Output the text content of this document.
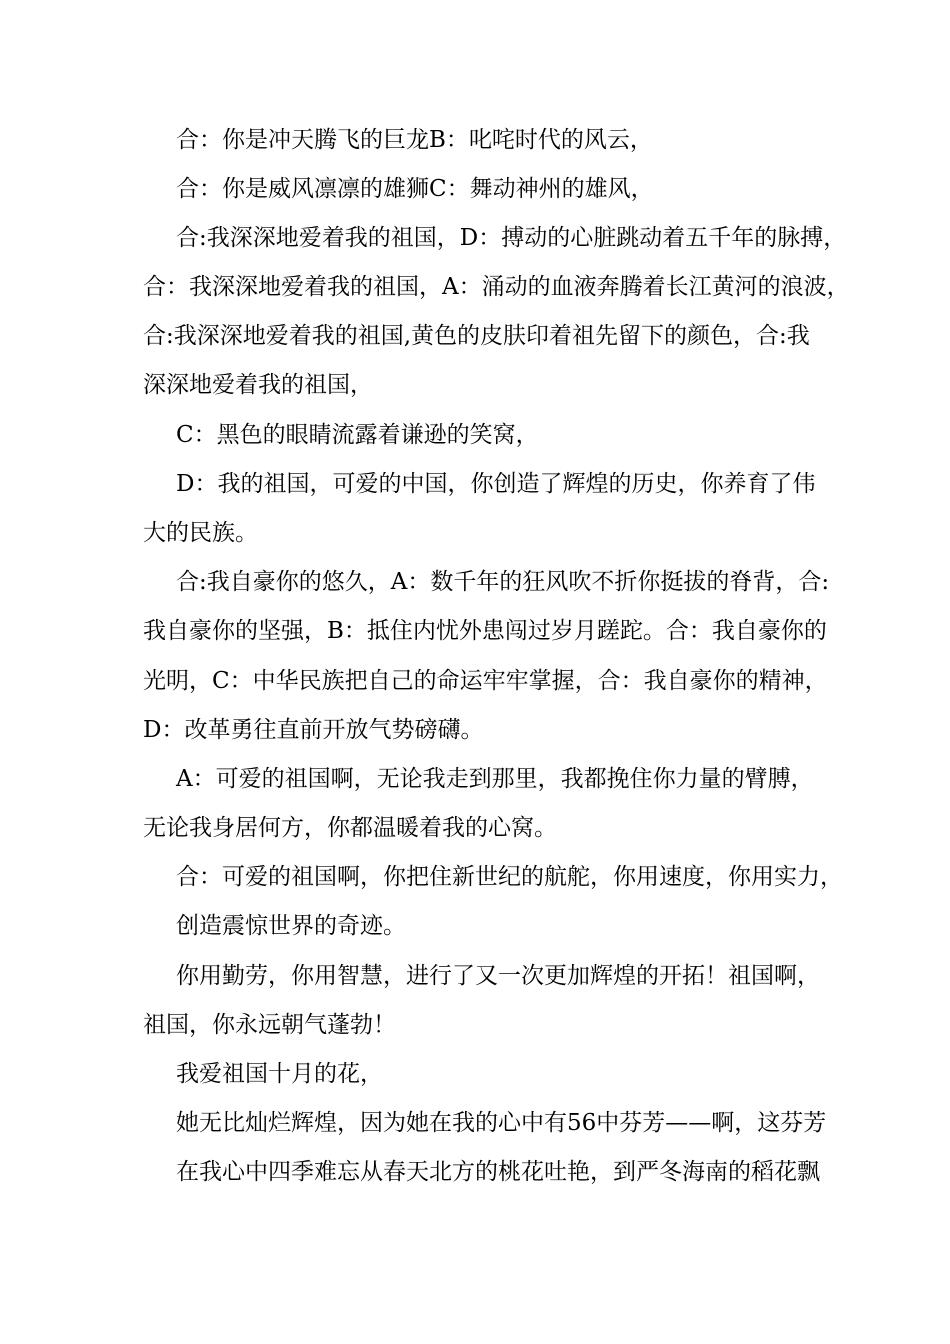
合：你是冲天腾飞的巨龙B：叱咤时代的风云，
合：你是威风凛凛的雄狮C：舞动神州的雄风，
合:我深深地爱着我的祖国，D：搏动的心脏跳动着五千年的脉搏，
合：我深深地爱着我的祖国，A：涌动的血液奔腾着长江黄河的浪波，
合:我深深地爱着我的祖国,黄色的皮肤印着祖先留下的颜色，合:我
深深地爱着我的祖国，
C：黑色的眼睛流露着谦逊的笑窝，
D：我的祖国，可爱的中国，你创造了辉煌的历史，你养育了伟
大的民族。
合:我自豪你的悠久，A：数千年的狂风吹不折你挺拔的脊背，合:
我自豪你的坚强，B：抵住内忧外患闯过岁月蹉跎。合：我自豪你的
光明，C：中华民族把自己的命运牢牢掌握，合：我自豪你的精神，
D：改革勇往直前开放气势磅礴。
A：可爱的祖国啊，无论我走到那里，我都挽住你力量的臂膊，
无论我身居何方，你都温暖着我的心窝。
合：可爱的祖国啊，你把住新世纪的航舵，你用速度，你用实力，
创造震惊世界的奇迹。
你用勤劳，你用智慧，进行了又一次更加辉煌的开拓！祖国啊，
祖国，你永远朝气蓬勃！
我爱祖国十月的花，
她无比灿烂辉煌，因为她在我的心中有56中芬芳——啊，这芬芳
在我心中四季难忘从春天北方的桃花吐艳，到严冬海南的稻花飘
